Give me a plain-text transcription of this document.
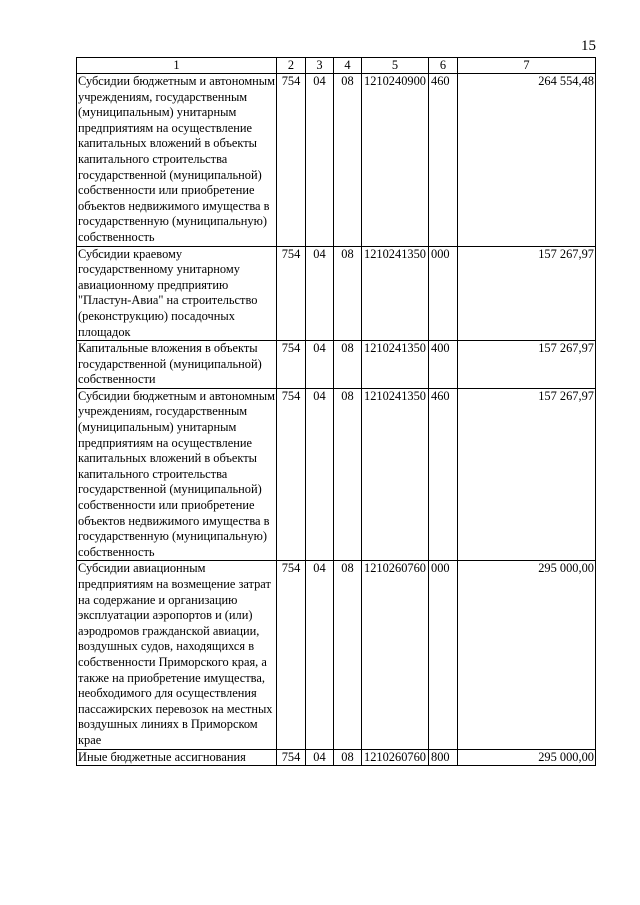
15
1	2	3	4	5	6	7
Субсидии бюджетным и автономным учреждениям, государственным (муниципальным) унитарным предприятиям на осуществление капитальных вложений в объекты капитального строительства государственной (муниципальной) собственности или приобретение объектов недвижимого имущества в государственную (муниципальную) собственность	754	04	08	1210240900	460	264 554,48
Субсидии краевому государственному унитарному авиационному предприятию "Пластун-Авиа" на строительство (реконструкцию) посадочных площадок	754	04	08	1210241350	000	157 267,97
Капитальные вложения в объекты государственной (муниципальной) собственности	754	04	08	1210241350	400	157 267,97
Субсидии бюджетным и автономным учреждениям, государственным (муниципальным) унитарным предприятиям на осуществление капитальных вложений в объекты капитального строительства государственной (муниципальной) собственности или приобретение объектов недвижимого имущества в государственную (муниципальную) собственность	754	04	08	1210241350	460	157 267,97
Субсидии авиационным предприятиям на возмещение затрат на содержание и организацию эксплуатации аэропортов и (или) аэродромов гражданской авиации, воздушных судов, находящихся в собственности Приморского края, а также на приобретение имущества, необходимого для осуществления пассажирских перевозок на местных воздушных линиях в Приморском крае	754	04	08	1210260760	000	295 000,00
Иные бюджетные ассигнования	754	04	08	1210260760	800	295 000,00
